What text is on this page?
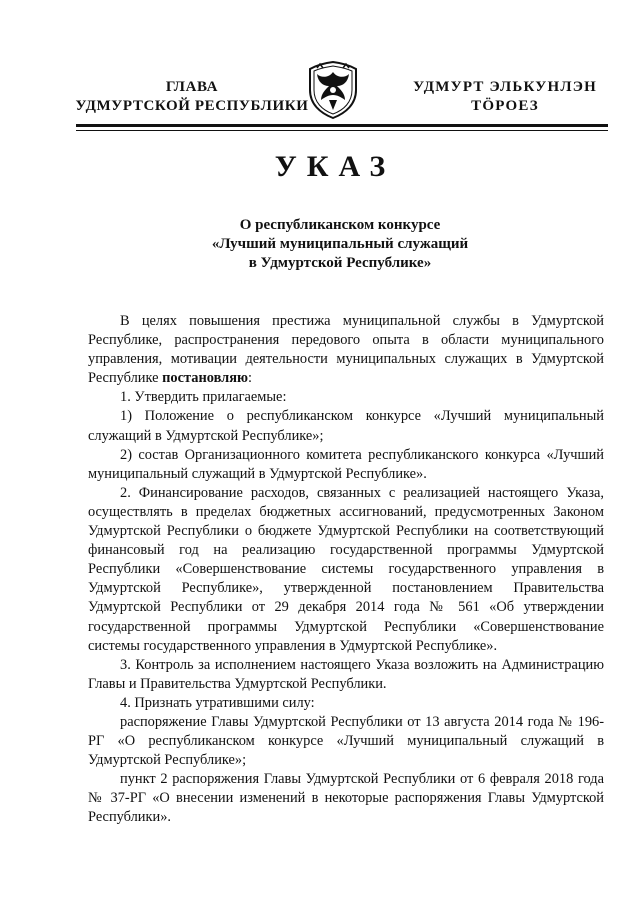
ГЛАВА
УДМУРТСКОЙ РЕСПУБЛИКИ
УДМУРТ ЭЛЬКУНЛЭН
ТӦРОЕЗ
УКАЗ
О республиканском конкурсе
«Лучший муниципальный служащий
в Удмуртской Республике»

В целях повышения престижа муниципальной службы в Удмуртской Республике, распространения передового опыта в области муниципального управления, мотивации деятельности муниципальных служащих в Удмуртской Республике постановляю:

1. Утвердить прилагаемые:

1) Положение о республиканском конкурсе «Лучший муниципальный служащий в Удмуртской Республике»;

2) состав Организационного комитета республиканского конкурса «Лучший муниципальный служащий в Удмуртской Республике».

2. Финансирование расходов, связанных с реализацией настоящего Указа, осуществлять в пределах бюджетных ассигнований, предусмотренных Законом Удмуртской Республики о бюджете Удмуртской Республики на соответствующий финансовый год на реализацию государственной программы Удмуртской Республики «Совершенствование системы государственного управления в Удмуртской Республике», утвержденной постановлением Правительства Удмуртской Республики от 29 декабря 2014 года № 561 «Об утверждении государственной программы Удмуртской Республики «Совершенствование системы государственного управления в Удмуртской Республике».

3. Контроль за исполнением настоящего Указа возложить на Администрацию Главы и Правительства Удмуртской Республики.

4. Признать утратившими силу:

распоряжение Главы Удмуртской Республики от 13 августа 2014 года № 196-РГ «О республиканском конкурсе «Лучший муниципальный служащий в Удмуртской Республике»;

пункт 2 распоряжения Главы Удмуртской Республики от 6 февраля 2018 года № 37-РГ «О внесении изменений в некоторые распоряжения Главы Удмуртской Республики».
